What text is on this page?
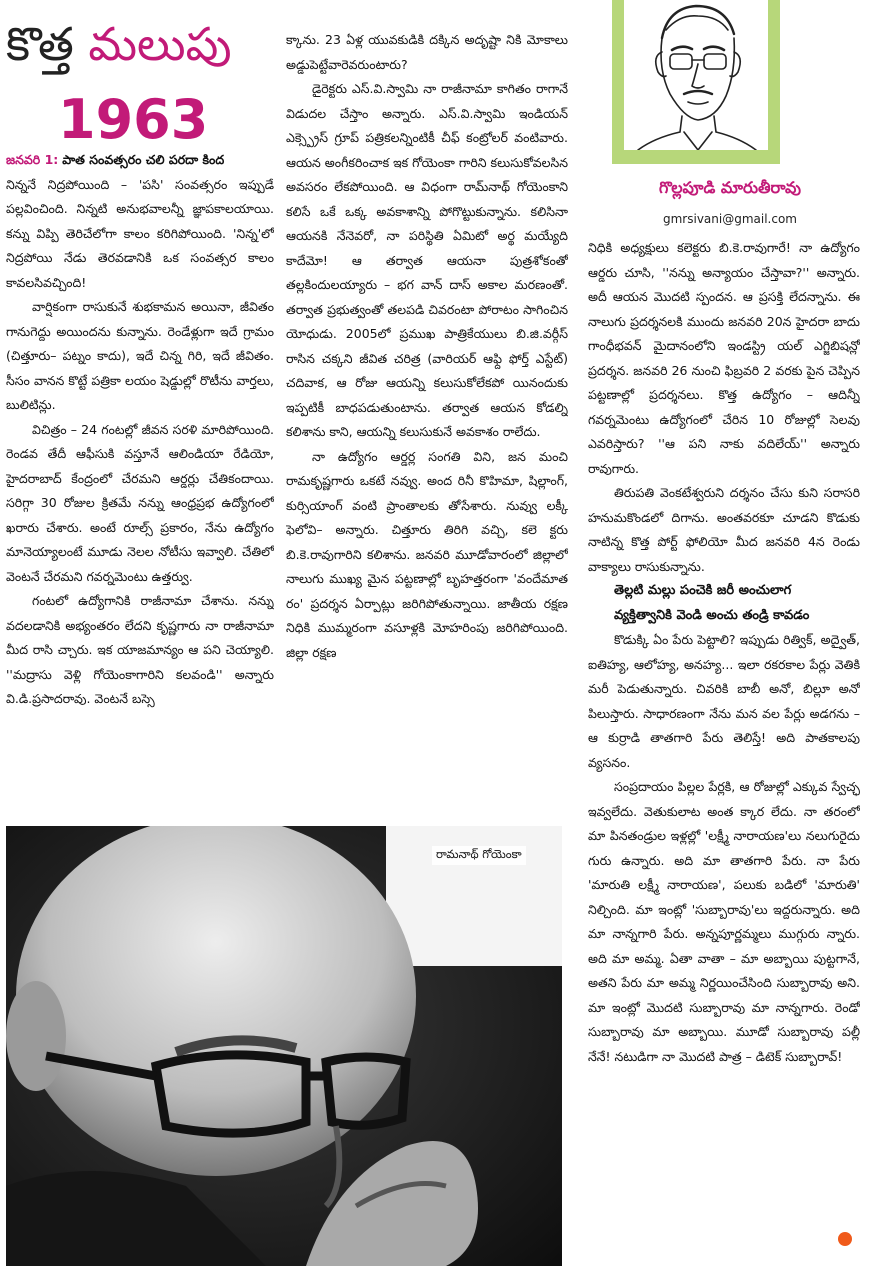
కొత్త మలుపు
1963

జనవరి 1: పాత సంవత్సరం చలి పరదా కింద

నిన్ననే నిద్రపోయింది – 'పసి' సంవత్సరం ఇప్పుడే పల్లవించింది. నిన్నటి అనుభవాలన్నీ జ్ఞాపకాలయాయి. కన్ను విప్పి తెరిచేలోగా కాలం కరిగిపోయింది. 'నిన్న'లో నిద్రపోయి నేడు తెరవడానికి ఒక సంవత్సర కాలం కావలసివచ్చింది!

వార్షికంగా రాసుకునే శుభకామన అయినా, జీవితం గానుగెద్దు అయిందను కున్నాను. రెండేళ్లుగా ఇదే గ్రామం (చిత్తూరు– పట్నం కాదు), ఇదే చిన్న గిరి, ఇదే జీవితం. సీసం వానన కొట్టే పత్రికా లయం షెడ్డుల్లో రొటీను వార్తలు, బులిటిన్లు.

విచిత్రం – 24 గంటల్లో జీవన సరళి మారిపోయింది. రెండవ తేదీ ఆఫీసుకి వస్తూనే ఆలిండియా రేడియో, హైదరాబాద్ కేంద్రంలో చేరమని ఆర్డర్లు చేతికందాయి. సరిగ్గా 30 రోజుల క్రితమే నన్ను ఆంధ్రప్రభ ఉద్యోగంలో ఖరారు చేశారు. అంటే రూల్స్ ప్రకారం, నేను ఉద్యోగం మానెయ్యాలంటే మూడు నెలల నోటీసు ఇవ్వాలి. చేతిలో వెంటనే చేరమని గవర్నమెంటు ఉత్తర్వు.

గంటలో ఉద్యోగానికి రాజీనామా చేశాను. నన్ను వదలడానికి అభ్యంతరం లేదని కృష్ణగారు నా రాజీనామా మీద రాసి చ్చారు. ఇక యాజమాన్యం ఆ పని చెయ్యాలి. ''మద్రాసు వెళ్లి గోయెంకాగారిని కలవండి'' అన్నారు వి.డి.ప్రసాదరావు. వెంటనే బస్సె

క్కాను. 23 ఏళ్ల యువకుడికి దక్కిన అదృష్టా నికి మోకాలు అడ్డుపెట్టేవారెవరుంటారు?

డైరెక్టరు ఎస్.వి.స్వామి నా రాజీనామా కాగితం రాగానే విడుదల చేస్తాం అన్నారు. ఎస్.వి.స్వామి ఇండియన్ ఎక్స్ప్రెస్ గ్రూప్ పత్రికలన్నింటికీ చీఫ్ కంట్రోలర్ వంటివారు. ఆయన అంగీకరించాక ఇక గోయెంకా గారిని కలుసుకోవలసిన అవసరం లేకపోయింది. ఆ విధంగా రామ్‌నాథ్ గోయెంకాని కలిసే ఒకే ఒక్క అవకాశాన్ని పోగొట్టుకున్నాను. కలిసినా ఆయనకి నేనెవరో, నా పరిస్థితి ఏమిటో అర్థ మయ్యేది కాదేమో! ఆ తర్వాత ఆయనా పుత్రశోకంతో తల్లకిందులయ్యారు – భగ వాన్ దాస్ అకాల మరణంతో. తర్వాత ప్రభుత్వంతో తలపడి చివరంటా పోరాటం సాగించిన యోధుడు. 2005లో ప్రముఖ పాత్రికేయులు బి.జి.వర్గీస్ రాసిన చక్కని జీవిత చరిత్ర (వారియర్ ఆఫ్ది ఫోర్త్ ఎస్టేట్) చదివాక, ఆ రోజు ఆయన్ని కలుసుకోలేకపో యినందుకు ఇప్పటికీ బాధపడుతుంటాను. తర్వాత ఆయన కోడల్ని కలిశాను కాని, ఆయన్ని కలుసుకునే అవకాశం రాలేదు.

నా ఉద్యోగం ఆర్డర్ల సంగతి విని, జన మంచి రామకృష్ణగారు ఒకటే నవ్వు. అంద రినీ కొహిమా, షిల్లాంగ్, కుర్సియాంగ్ వంటి ప్రాంతాలకు తోసేశారు. నువ్వు లక్కీ ఫెలోవి– అన్నారు. చిత్తూరు తిరిగి వచ్చి, కలె క్టరు బి.కె.రావుగారిని కలిశాను. జనవరి మూడోవారంలో జిల్లాలో నాలుగు ముఖ్య మైన పట్టణాల్లో బృహత్తరంగా 'వందేమాత రం' ప్రదర్శన ఏర్పాట్లు జరిగిపోతున్నాయి. జాతీయ రక్షణ నిధికి ముమ్మరంగా వసూళ్లకి మోహరింపు జరిగిపోయింది. జిల్లా రక్షణ

గొల్లపూడి మారుతీరావు
gmrsivani@gmail.com

నిధికి అధ్యక్షులు కలెక్టరు బి.కె.రావుగారే! నా ఉద్యోగం ఆర్డరు చూసి, ''నన్ను అన్యాయం చేస్తావా?'' అన్నారు. అదీ ఆయన మొదటి స్పందన. ఆ ప్రసక్తి లేదన్నాను. ఈ నాలుగు ప్రదర్శనలకి ముందు జనవరి 20న హైదరా బాదు గాంధీభవన్ మైదానంలోని ఇండస్ట్రి యల్ ఎగ్జిబిషన్లో ప్రదర్శన. జనవరి 26 నుంచి ఫిబ్రవరి 2 వరకు పైన చెప్పిన పట్టణాల్లో ప్రదర్శనలు. కొత్త ఉద్యోగం – ఆదిన్నీ గవర్నమెంటు ఉద్యోగంలో చేరిన 10 రోజుల్లో సెలవు ఎవరిస్తారు? ''ఆ పని నాకు వదిలేయ్'' అన్నారు రావుగారు.

తిరుపతి వెంకటేశ్వరుని దర్శనం చేసు కుని సరాసరి హనుమకొండలో దిగాను. అంతవరకూ చూడని కొడుకు నాటిన్న కొత్త పోర్ట్ ఫోలియో మీద జనవరి 4న రెండు వాక్యాలు రాసుకున్నాను.

తెల్లటి మల్లు పంచెకి జరీ అంచులాగ

వ్యక్తిత్వానికి వెండి అంచు తండ్రి కావడం

కొడుక్కి ఏం పేరు పెట్టాలి? ఇప్పుడు రిత్విక్, అద్వైత్, ఐతిహ్య, ఆలోహ్య, అనహ్య... ఇలా రకరకాల పేర్లు వెతికి మరీ పెడుతున్నారు. చివరికి బాబీ అనో, బిల్లూ అనో పిలుస్తారు. సాధారణంగా నేను మన వల పేర్లు అడగను – ఆ కుర్రాడి తాతగారి పేరు తెలిస్తే! అది పాతకాలపు వ్యసనం.

సంప్రదాయం పిల్లల పేర్లకి, ఆ రోజుల్లో ఎక్కువ స్వేచ్ఛ ఇవ్వలేదు. వెతుకులాట అంత క్కార లేదు. నా తరంలో మా పినతండ్రుల ఇళ్లల్లో 'లక్ష్మీ నారాయణ'లు నలుగురైదు గురు ఉన్నారు. అది మా తాతగారి పేరు. నా పేరు 'మారుతి లక్ష్మీ నారాయణ', పలుకు బడిలో 'మారుతి' నిల్చింది. మా ఇంట్లో 'సుబ్బారావు'లు ఇద్దరున్నారు. అది మా నాన్నగారి పేరు. అన్నపూర్ణమ్మలు ముగ్గురు న్నారు. అది మా అమ్మ. ఏతా వాతా – మా అబ్బాయి పుట్టగానే, అతని పేరు మా అమ్మ నిర్ణయించేసింది సుబ్బారావు అని. మా ఇంట్లో మొదటి సుబ్బారావు మా నాన్నగారు. రెండో సుబ్బారావు మా అబ్బాయి. మూడో సుబ్బారావు పల్లీ నేనే! నటుడిగా నా మొదటి పాత్ర – డిటెక్ సుబ్బారావ్!

రామనాథ్ గోయెంకా
